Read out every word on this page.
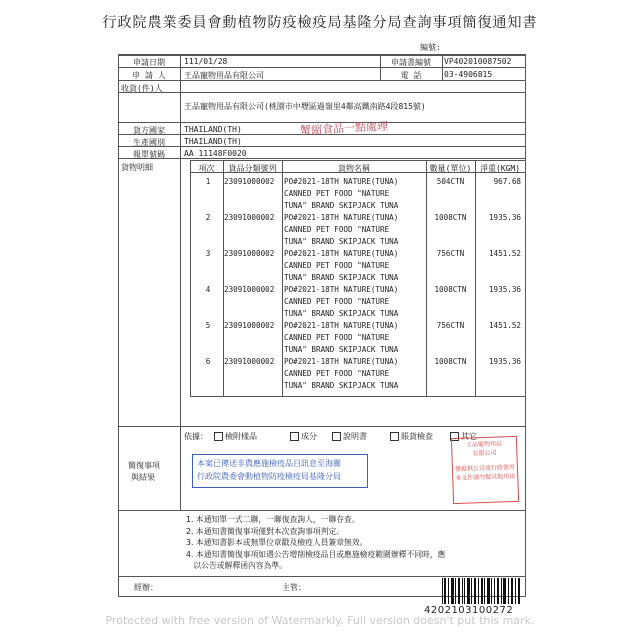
行政院農業委員會動植物防疫檢疫局基隆分局查詢事項簡復通知書
編號:
申請日期	111/01/28	申請書編號	VP402010087502
申 請 人	王品寵物用品有限公司	電 話	03-4906815
收貨(件)人
王品寵物用品有限公司(桃園市中壢區過嶺里4鄰高鐵南路4段815號)
貨方國家	THAILAND(TH)	蟹縮食品一點處理
生產國別	THAILAND(TH)
報單號碼	AA 11148F0020
貨物明細	項次	貨品分類號列	貨物名稱	數量(單位)	淨重(KGM)
1	23091000002 PO#2021-18TH NATURE(TUNA)
CANNED PET FOOD "NATURE
TUNA" BRAND SKIPJACK TUNA
504CTN	967.68
2	23091000002 PO#2021-18TH NATURE(TUNA)
CANNED PET FOOD "NATURE
TUNA" BRAND SKIPJACK TUNA
1008CTN	1935.36
3	23091000002 PO#2021-18TH NATURE(TUNA)
CANNED PET FOOD "NATURE
TUNA" BRAND SKIPJACK TUNA
756CTN	1451.52
4	23091000002 PO#2021-18TH NATURE(TUNA)
CANNED PET FOOD "NATURE
TUNA" BRAND SKIPJACK TUNA
1008CTN	1935.36
5	23091000002 PO#2021-18TH NATURE(TUNA)
CANNED PET FOOD "NATURE
TUNA" BRAND SKIPJACK TUNA
756CTN	1451.52
6	23091000002 PO#2021-18TH NATURE(TUNA)
CANNED PET FOOD "NATURE
TUNA" BRAND SKIPJACK TUNA
1008CTN	1935.36
簡復事項
與結果
依據：	檢附樣品	成分	說明書	賬貨檢查	其它
本案已傳送非農應施檢疫品目訊息至海關
行政院農委會動植物防疫檢疫局基隆分局
王品寵物用品
有限公司
僅提供公司或行政使用
本文件請勿做其他用途
1. 本通知單一式二聯，一聯復查詢人，一聯存查。
2. 本通知書簡復事項僅對本次查詢事項判定。
3. 本通知書影本或無單位章戳及檢疫人員簽章無效。
4. 本通知書簡復事項如遇公告增削檢疫品目或應施檢疫範圍辦釋不同時，應
以公告或解釋函內容為準。
經辦：	主管：
4202103100272
Protected with free version of Watermarkly. Full version doesn't put this mark.
